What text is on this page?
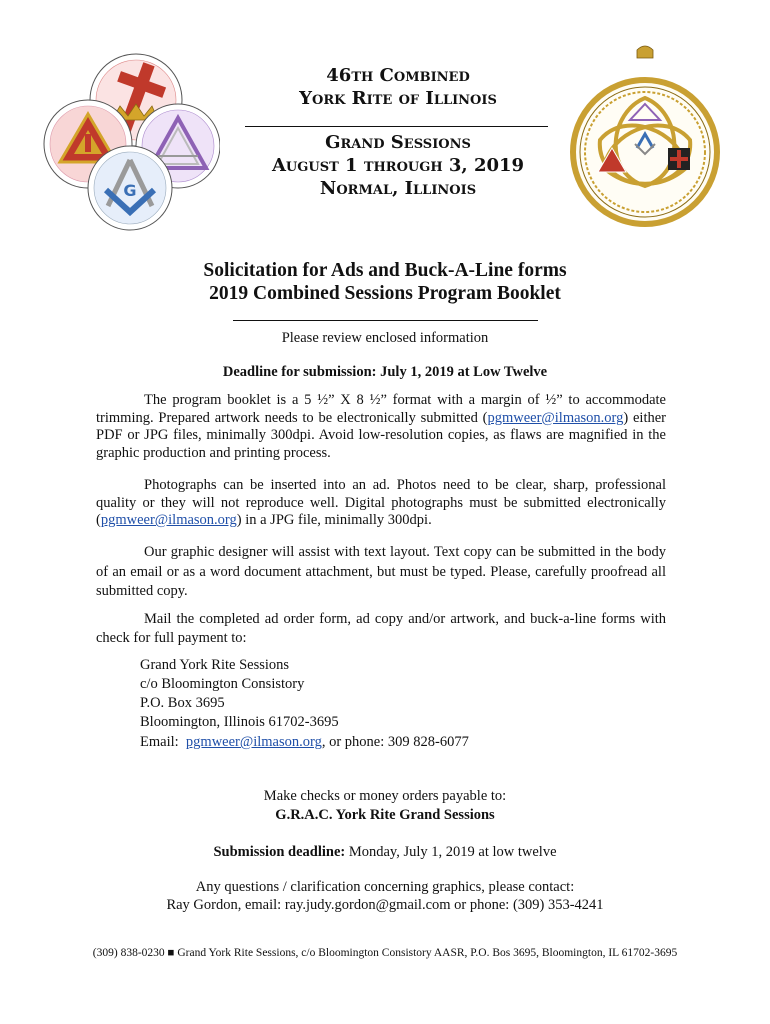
G
46th Combined
York Rite of Illinois
Grand Sessions
August 1 through 3, 2019
Normal, Illinois
Solicitation for Ads and Buck-A-Line forms
2019 Combined Sessions Program Booklet
Please review enclosed information
Deadline for submission: July 1, 2019 at Low Twelve
The program booklet is a 5 ½” X 8 ½” format with a margin of ½” to accommodate trimming. Prepared artwork needs to be electronically submitted (pgmweer@ilmason.org) either PDF or JPG files, minimally 300dpi. Avoid low-resolution copies, as flaws are magnified in the graphic production and printing process.
Photographs can be inserted into an ad. Photos need to be clear, sharp, professional quality or they will not reproduce well. Digital photographs must be submitted electronically (pgmweer@ilmason.org) in a JPG file, minimally 300dpi.
Our graphic designer will assist with text layout. Text copy can be submitted in the body of an email or as a word document attachment, but must be typed. Please, carefully proofread all submitted copy.
Mail the completed ad order form, ad copy and/or artwork, and buck-a-line forms with check for full payment to:
Grand York Rite Sessions
c/o Bloomington Consistory
P.O. Box 3695
Bloomington, Illinois 61702-3695
Email: pgmweer@ilmason.org, or phone: 309 828-6077
Make checks or money orders payable to:
G.R.A.C. York Rite Grand Sessions
Submission deadline: Monday, July 1, 2019 at low twelve
Any questions / clarification concerning graphics, please contact:
Ray Gordon, email: ray.judy.gordon@gmail.com or phone: (309) 353-4241
(309) 838-0230 ■ Grand York Rite Sessions, c/o Bloomington Consistory AASR, P.O. Bos 3695, Bloomington, IL 61702-3695
